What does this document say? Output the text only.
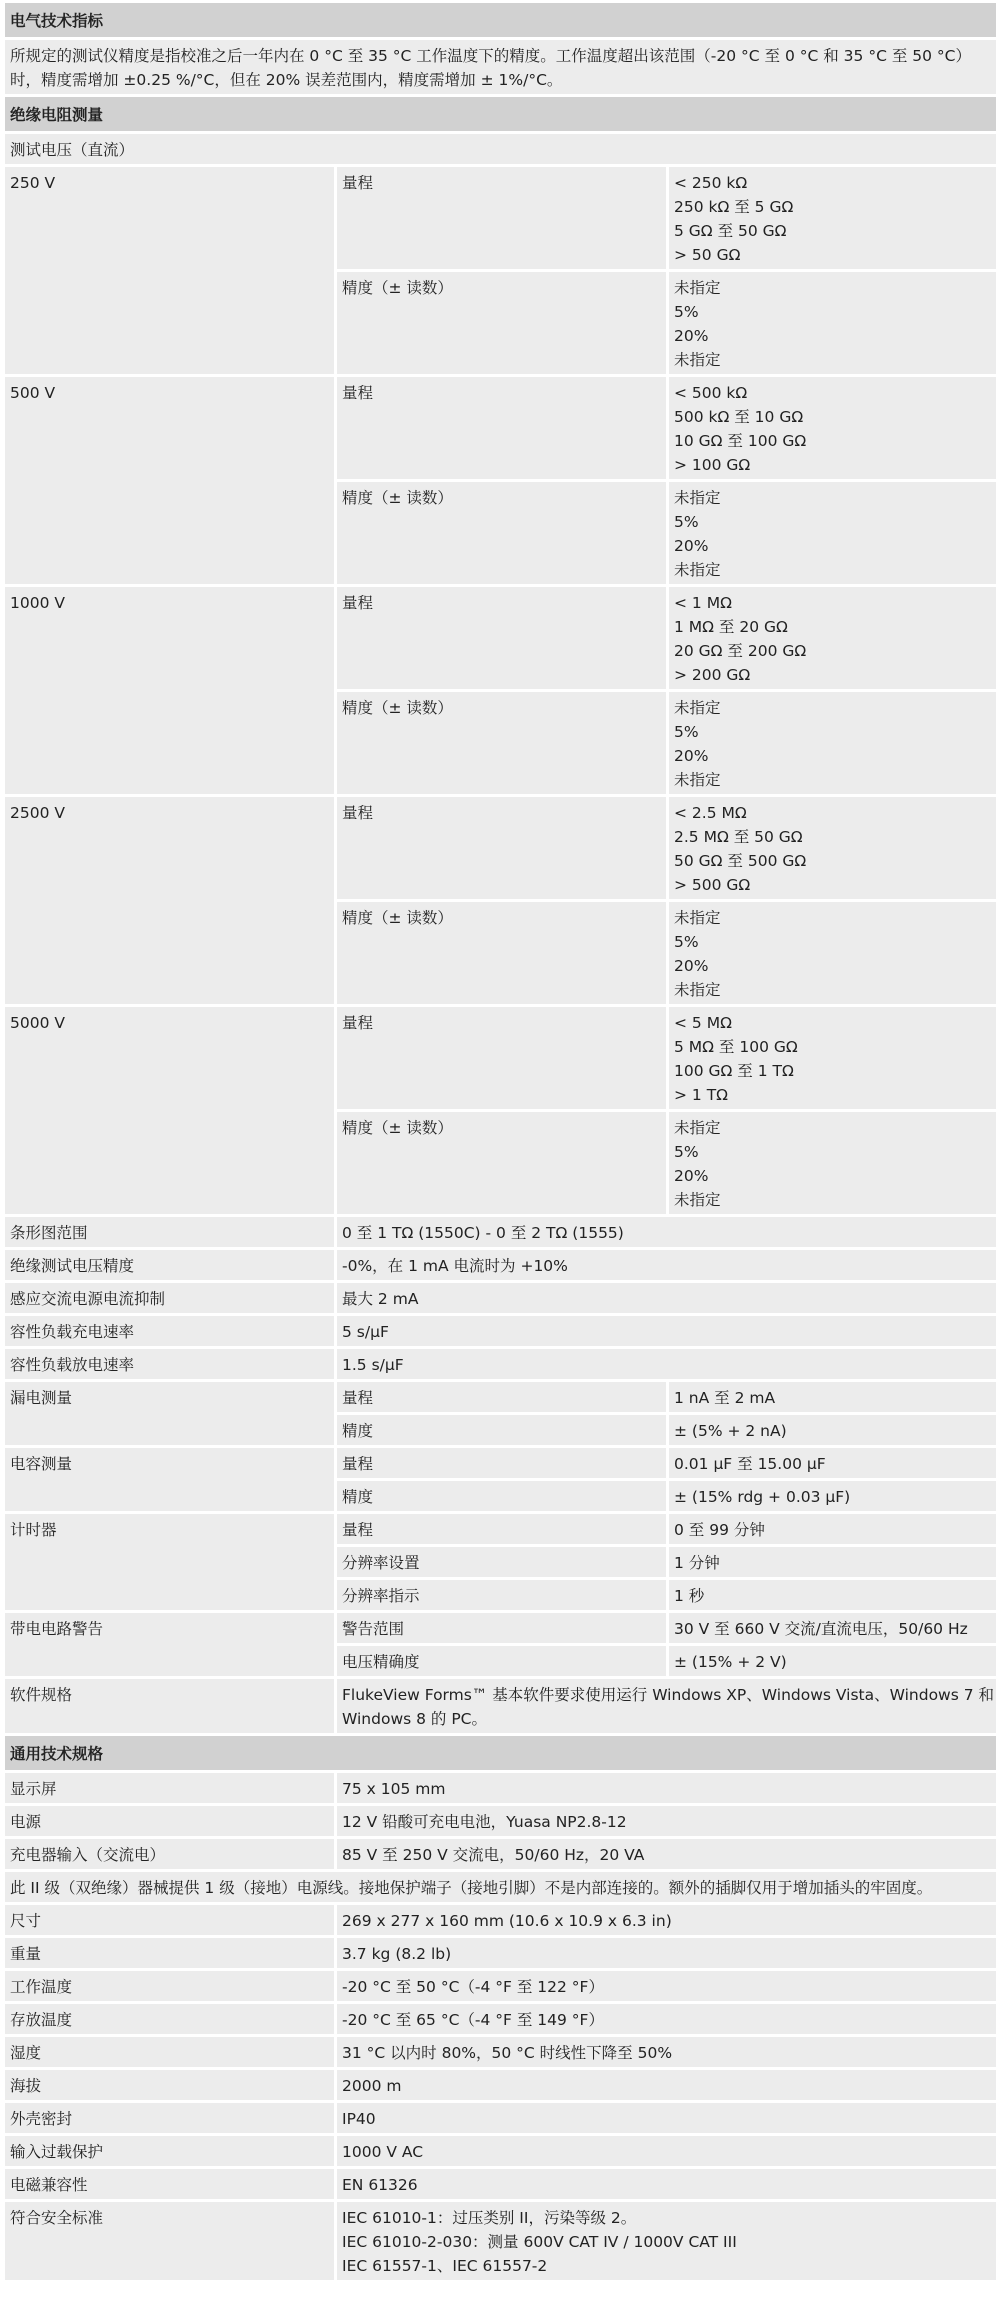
电气技术指标		
所规定的测试仪精度是指校准之后一年内在 0 °C 至 35 °C 工作温度下的精度。工作温度超出该范围（-20 °C 至 0 °C 和 35 °C 至 50 °C）时，精度需增加 ±0.25 %/°C，但在 20% 误差范围内，精度需增加 ± 1%/°C。		
绝缘电阻测量		
测试电压（直流）		
250 V	量程	< 250 kΩ
250 kΩ 至 5 GΩ
5 GΩ 至 50 GΩ
> 50 GΩ

	精度（± 读数）	未指定
5%
20%
未指定

500 V	量程	< 500 kΩ
500 kΩ 至 10 GΩ
10 GΩ 至 100 GΩ
> 100 GΩ

	精度（± 读数）	未指定
5%
20%
未指定

1000 V	量程	< 1 MΩ
1 MΩ 至 20 GΩ
20 GΩ 至 200 GΩ
> 200 GΩ

	精度（± 读数）	未指定
5%
20%
未指定

2500 V	量程	< 2.5 MΩ
2.5 MΩ 至 50 GΩ
50 GΩ 至 500 GΩ
> 500 GΩ

	精度（± 读数）	未指定
5%
20%
未指定

5000 V	量程	< 5 MΩ
5 MΩ 至 100 GΩ
100 GΩ 至 1 TΩ
> 1 TΩ

	精度（± 读数）	未指定
5%
20%
未指定

条形图范围	0 至 1 TΩ (1550C) - 0 至 2 TΩ (1555)	
绝缘测试电压精度	-0%，在 1 mA 电流时为 +10%	
感应交流电源电流抑制	最大 2 mA	
容性负载充电速率	5 s/μF	
容性负载放电速率	1.5 s/μF	
漏电测量	量程	1 nA 至 2 mA
	精度	± (5% + 2 nA)
电容测量	量程	0.01 μF 至 15.00 μF
	精度	± (15% rdg + 0.03 μF)
计时器	量程	0 至 99 分钟
	分辨率设置	1 分钟
	分辨率指示	1 秒
带电电路警告	警告范围	30 V 至 660 V 交流/直流电压，50/60 Hz
	电压精确度	± (15% + 2 V)
软件规格	FlukeView Forms™ 基本软件要求使用运行 Windows XP、Windows Vista、Windows 7 和 Windows 8 的 PC。	
通用技术规格		
显示屏	75 x 105 mm	
电源	12 V 铅酸可充电电池，Yuasa NP2.8-12	
充电器输入（交流电）	85 V 至 250 V 交流电，50/60 Hz，20 VA	
此 II 级（双绝缘）器械提供 1 级（接地）电源线。接地保护端子（接地引脚）不是内部连接的。额外的插脚仅用于增加插头的牢固度。		
尺寸	269 x 277 x 160 mm (10.6 x 10.9 x 6.3 in)	
重量	3.7 kg (8.2 lb)	
工作温度	-20 °C 至 50 °C（-4 °F 至 122 °F）	
存放温度	-20 °C 至 65 °C（-4 °F 至 149 °F）	
湿度	31 °C 以内时 80%，50 °C 时线性下降至 50%	
海拔	2000 m	
外壳密封	IP40	
输入过载保护	1000 V AC	
电磁兼容性	EN 61326	
符合安全标准	IEC 61010-1：过压类别 II，污染等级 2。
IEC 61010-2-030：测量 600V CAT IV / 1000V CAT III
IEC 61557-1、IEC 61557-2	
